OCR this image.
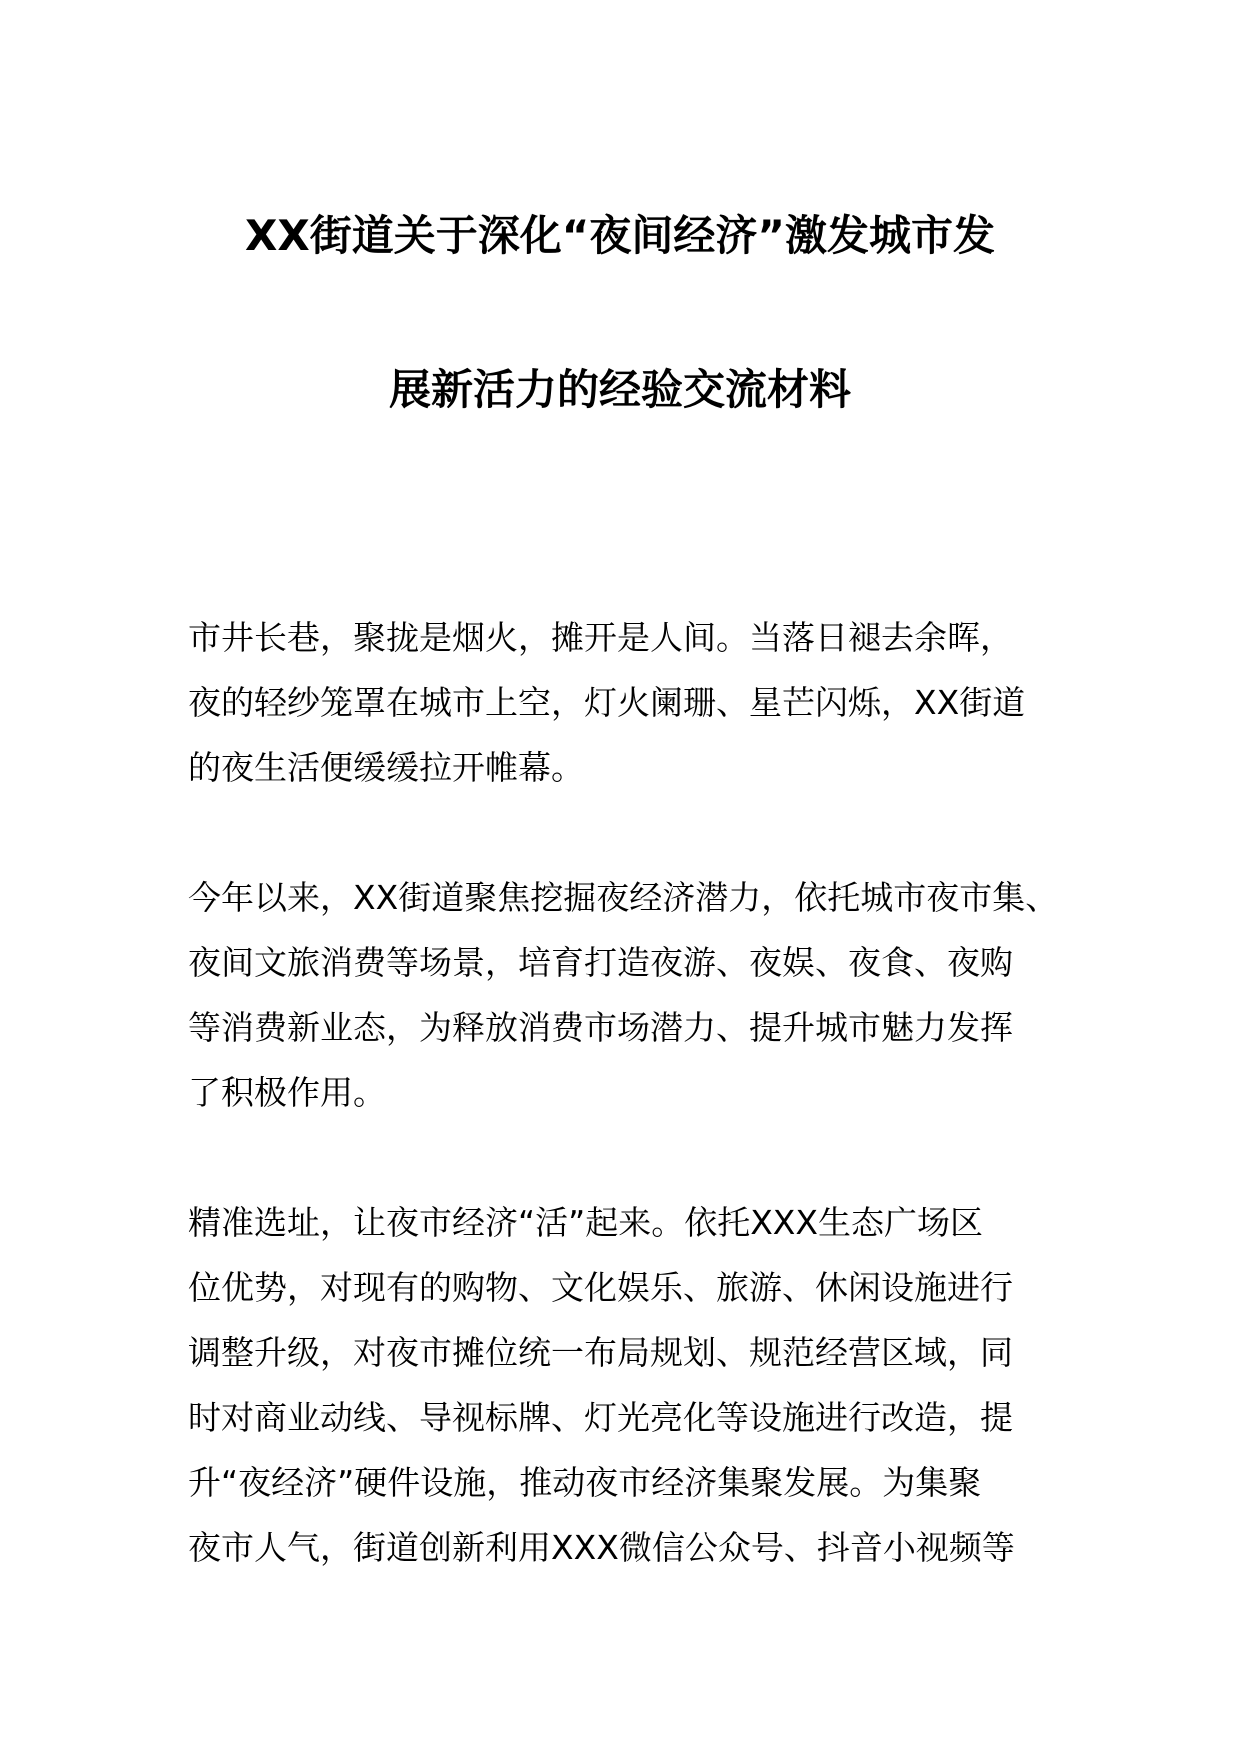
XX街道关于深化“夜间经济”激发城市发
展新活力的经验交流材料
市井长巷，聚拢是烟火，摊开是人间。当落日褪去余晖，
夜的轻纱笼罩在城市上空，灯火阑珊、星芒闪烁，XX街道
的夜生活便缓缓拉开帷幕。
今年以来，XX街道聚焦挖掘夜经济潜力，依托城市夜市集、
夜间文旅消费等场景，培育打造夜游、夜娱、夜食、夜购
等消费新业态，为释放消费市场潜力、提升城市魅力发挥
了积极作用。
精准选址，让夜市经济“活”起来。依托XXX生态广场区
位优势，对现有的购物、文化娱乐、旅游、休闲设施进行
调整升级，对夜市摊位统一布局规划、规范经营区域，同
时对商业动线、导视标牌、灯光亮化等设施进行改造，提
升“夜经济”硬件设施，推动夜市经济集聚发展。为集聚
夜市人气，街道创新利用XXX微信公众号、抖音小视频等
